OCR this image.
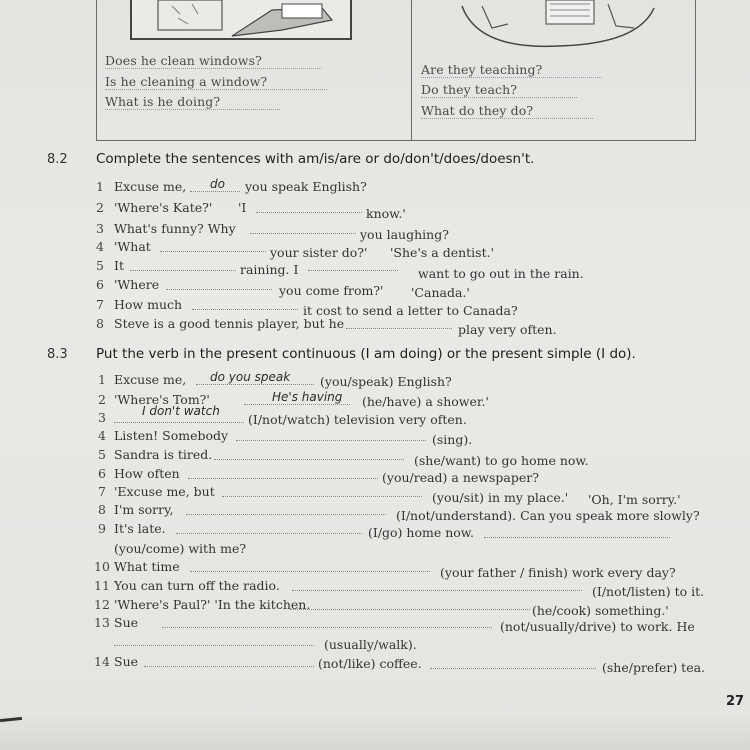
Does he clean windows?
Is he cleaning a window?
What is he doing?
Are they teaching?
Do they teach?
What do they do?
8.2 Complete the sentences with am/is/are or do/don't/does/doesn't.
1 Excuse me, do you speak English?
2 'Where's Kate?' 'I	know.'
3 What's funny? Why	you laughing?
4 'What	your sister do?' 'She's a dentist.'
5 It	raining. I	want to go out in the rain.
6 'Where	you come from?' 'Canada.'
7 How much	it cost to send a letter to Canada?
8 Steve is a good tennis player, but he	play very often.
8.3 Put the verb in the present continuous (I am doing) or the present simple (I do).
1 Excuse me, do you speak (you/speak) English?
2 'Where's Tom?'	He's having (he/have) a shower.'
3	I don't watch
(I/not/watch) television very often.
4 Listen! Somebody	(sing).
5 Sandra is tired.	(she/want) to go home now.
6 How often	(you/read) a newspaper?
7 'Excuse me, but	(you/sit) in my place.' 'Oh, I'm sorry.'
8 I'm sorry,	(I/not/understand). Can you speak more slowly?
9 It's late.	(I/go) home now.
(you/come) with me?
10 What time	(your father / finish) work every day?
11 You can turn off the radio.	(I/not/listen) to it.
12 'Where's Paul?' 'In the kitchen.	(he/cook) something.'
13 Sue	(not/usually/drive) to work. He
(usually/walk).
27
14 Sue	(not/like) coffee.	(she/prefer) tea.
